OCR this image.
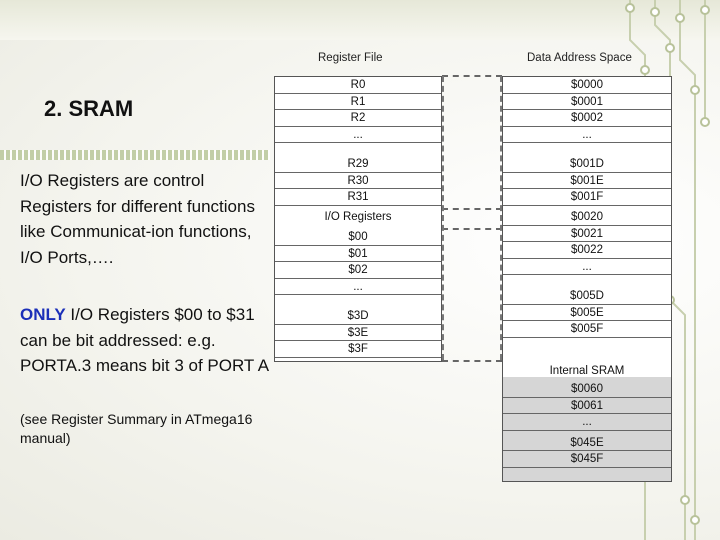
2. SRAM
I/O Registers are control Registers for different functions like Communicat-ion functions, I/O Ports,….
ONLY I/O Registers $00 to $31 can be bit addressed: e.g. PORTA.3 means bit 3 of PORT A
(see Register Summary in ATmega16 manual)
Register File	Data Address Space
R0
R1
R2
...
R29
R30
R31
$00
$01
$02
...
$3D
$3E
$3F
$0000
$0001
$0002
...
$001D
$001E
$001F
$0020
$0021
$0022
...
$005D
$005E
$005F
$0060
$0061
...
$045E
$045F
I/O Registers
Internal SRAM
